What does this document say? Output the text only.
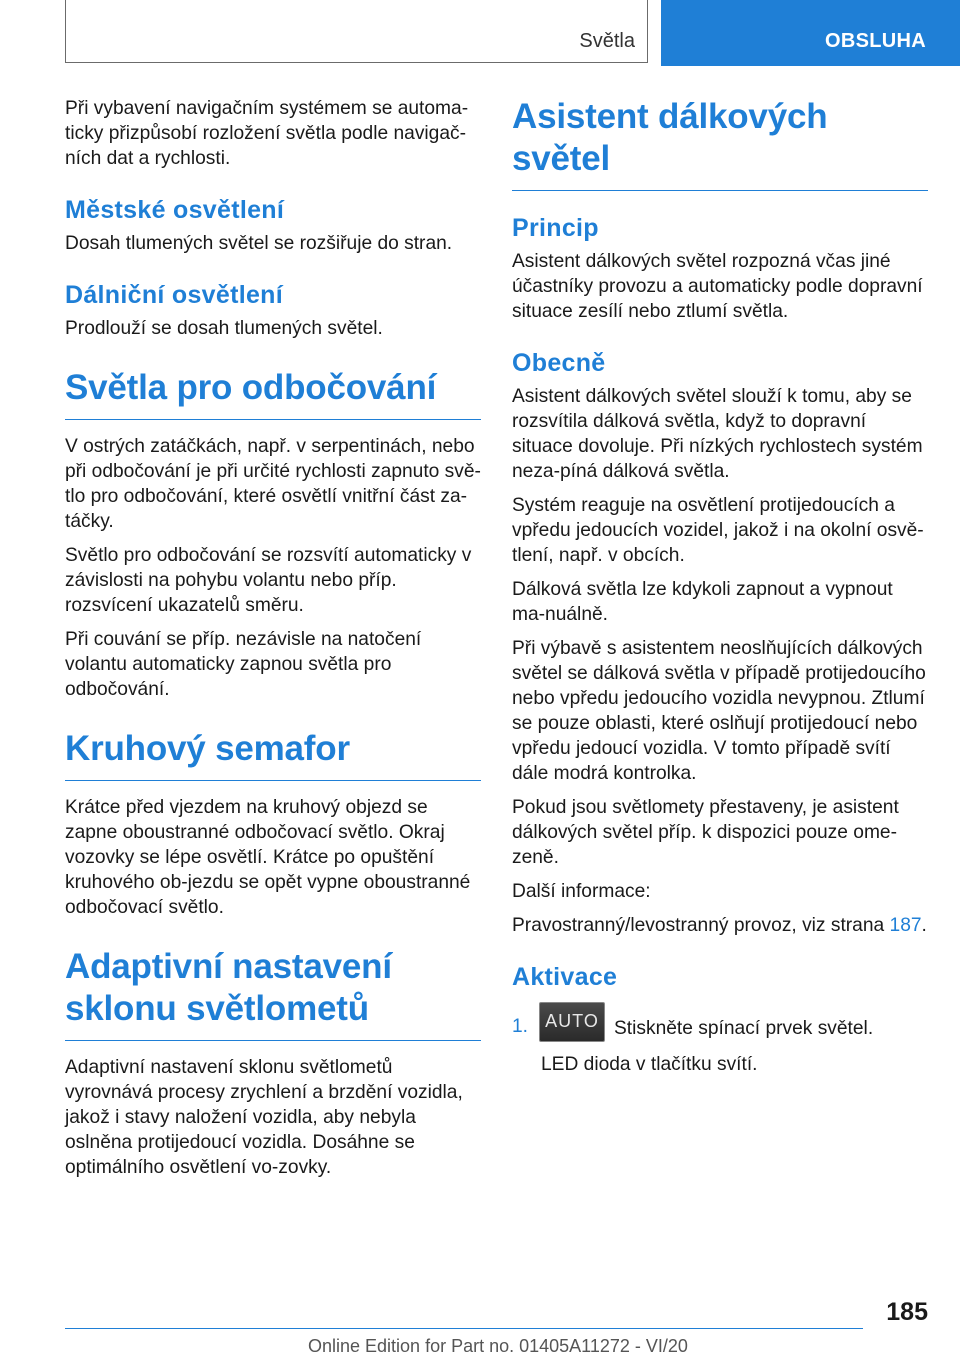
Světla	OBSLUHA

Při vybavení navigačním systémem se automa-ticky přizpůsobí rozložení světla podle navigač-ních dat a rychlosti.

Městské osvětlení

Dosah tlumených světel se rozšiřuje do stran.

Dálniční osvětlení

Prodlouží se dosah tlumených světel.

Světla pro odbočování

V ostrých zatáčkách, např. v serpentinách, nebo při odbočování je při určité rychlosti zapnuto svě-tlo pro odbočování, které osvětlí vnitřní část za-táčky.

Světlo pro odbočování se rozsvítí automaticky v závislosti na pohybu volantu nebo příp. rozsvícení ukazatelů směru.

Při couvání se příp. nezávisle na natočení volantu automaticky zapnou světla pro odbočování.

Kruhový semafor

Krátce před vjezdem na kruhový objezd se zapne oboustranné odbočovací světlo. Okraj vozovky se lépe osvětlí. Krátce po opuštění kruhového ob-jezdu se opět vypne oboustranné odbočovací světlo.

Adaptivní nastavení sklonu světlometů

Adaptivní nastavení sklonu světlometů vyrovnává procesy zrychlení a brzdění vozidla, jakož i stavy naložení vozidla, aby nebyla oslněna protijedoucí vozidla. Dosáhne se optimálního osvětlení vo-zovky.

Asistent dálkových světel
Princip

Asistent dálkových světel rozpozná včas jiné účastníky provozu a automaticky podle dopravní situace zesílí nebo ztlumí světla.

Obecně

Asistent dálkových světel slouží k tomu, aby se rozsvítila dálková světla, když to dopravní situace dovoluje. Při nízkých rychlostech systém neza-píná dálková světla.

Systém reaguje na osvětlení protijedoucích a vpředu jedoucích vozidel, jakož i na okolní osvě-tlení, např. v obcích.

Dálková světla lze kdykoli zapnout a vypnout ma-nuálně.

Při výbavě s asistentem neoslňujících dálkových světel se dálková světla v případě protijedoucího nebo vpředu jedoucího vozidla nevypnou. Ztlumí se pouze oblasti, které oslňují protijedoucí nebo vpředu jedoucí vozidla. V tomto případě svítí dále modrá kontrolka.

Pokud jsou světlomety přestaveny, je asistent dálkových světel příp. k dispozici pouze ome-zeně.

Další informace:

Pravostranný/levostranný provoz, viz strana 187.

Aktivace
1. AUTO Stiskněte spínací prvek světel.
LED dioda v tlačítku svítí.
185
Online Edition for Part no. 01405A11272 - VI/20
